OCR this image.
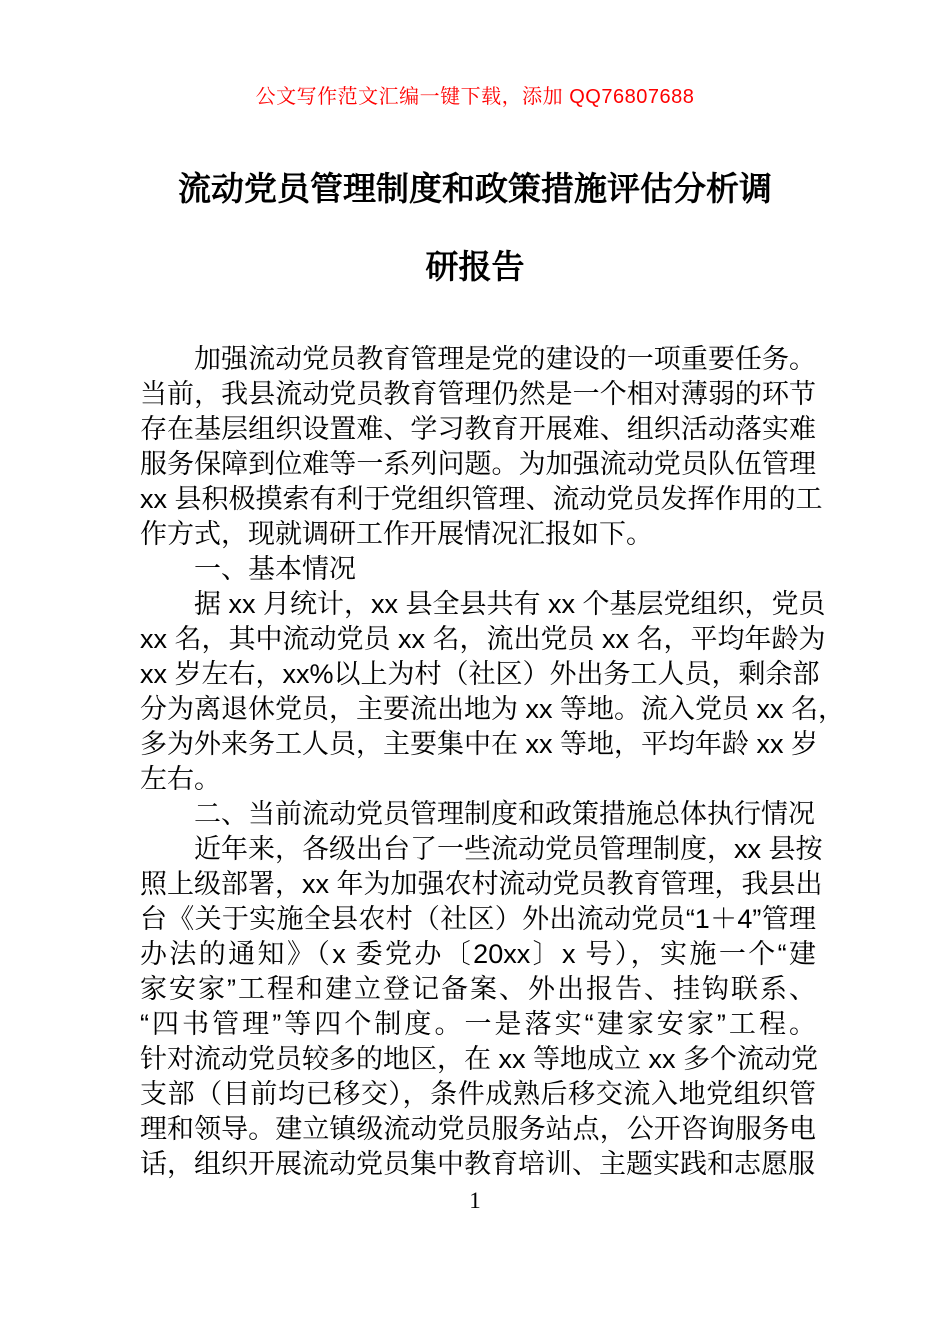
公文写作范文汇编一键下载，添加 QQ76807688
流动党员管理制度和政策措施评估分析调
研报告
加强流动党员教育管理是党的建设的一项重要任务。
当前，我县流动党员教育管理仍然是一个相对薄弱的环节
存在基层组织设置难、学习教育开展难、组织活动落实难
服务保障到位难等一系列问题。为加强流动党员队伍管理
xx 县积极摸索有利于党组织管理、流动党员发挥作用的工
作方式，现就调研工作开展情况汇报如下。
一、基本情况
据 xx 月统计，xx 县全县共有 xx 个基层党组织，党员
xx 名，其中流动党员 xx 名，流出党员 xx 名，平均年龄为
xx 岁左右，xx%以上为村（社区）外出务工人员，剩余部
分为离退休党员，主要流出地为 xx 等地。流入党员 xx 名，
多为外来务工人员，主要集中在 xx 等地，平均年龄 xx 岁
左右。
二、当前流动党员管理制度和政策措施总体执行情况
近年来，各级出台了一些流动党员管理制度，xx 县按
照上级部署，xx 年为加强农村流动党员教育管理，我县出
台《关于实施全县农村（社区）外出流动党员“1＋4”管理
办法的通知》（x 委党办〔20xx〕x 号），实施一个“建
家安家”工程和建立登记备案、外出报告、挂钩联系、
“四书管理”等四个制度。一是落实“建家安家”工程。
针对流动党员较多的地区，在 xx 等地成立 xx 多个流动党
支部（目前均已移交），条件成熟后移交流入地党组织管
理和领导。建立镇级流动党员服务站点，公开咨询服务电
话，组织开展流动党员集中教育培训、主题实践和志愿服
1
